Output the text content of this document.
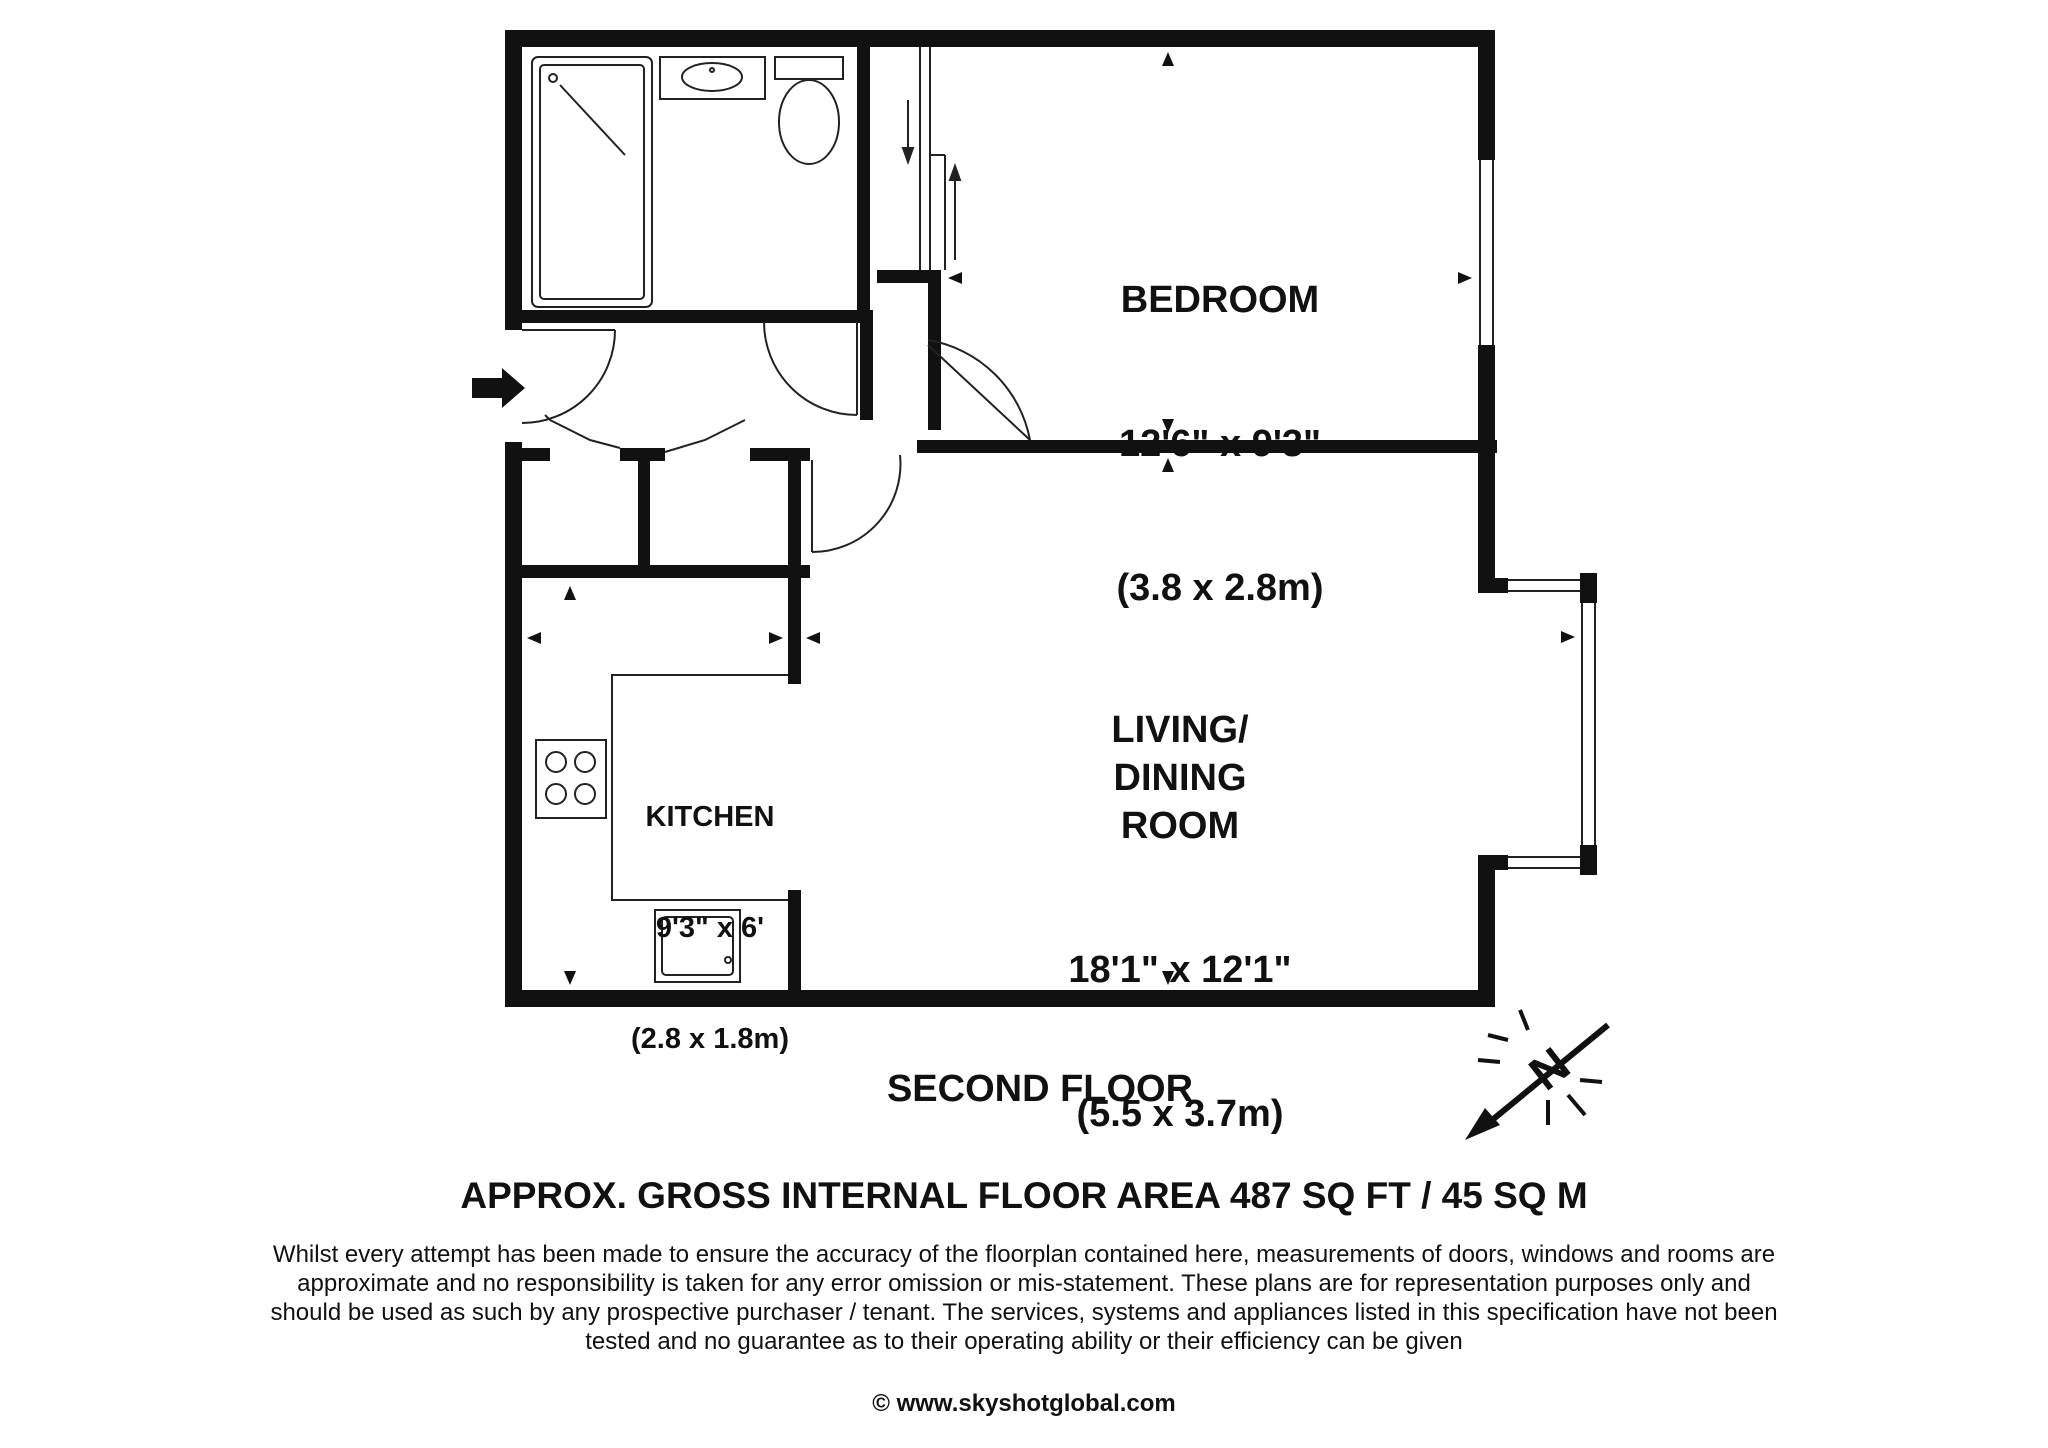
BEDROOM

12'6" x 9'3"

(3.8 x 2.8m)

LIVING/
DINING
ROOM

18'1" x 12'1"

(5.5 x 3.7m)

KITCHEN

9'3" x 6'

(2.8 x 1.8m)

SECOND FLOOR	N
APPROX. GROSS INTERNAL FLOOR AREA 487 SQ FT / 45 SQ M
Whilst every attempt has been made to ensure the accuracy of the floorplan contained here, measurements of doors, windows and rooms are approximate and no responsibility is taken for any error omission or mis-statement. These plans are for representation purposes only and should be used as such by any prospective purchaser / tenant. The services, systems and appliances listed in this specification have not been tested and no guarantee as to their operating ability or their efficiency can be given
© www.skyshotglobal.com
